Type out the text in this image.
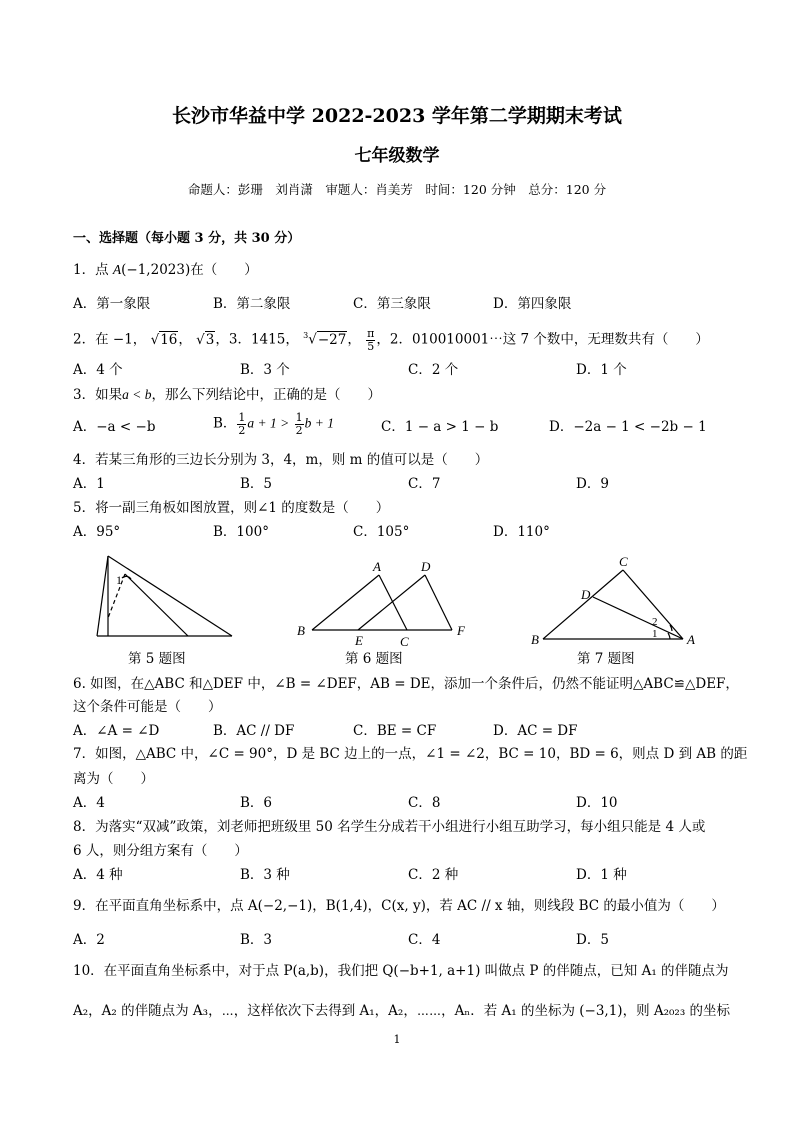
长沙市华益中学 2022-2023 学年第二学期期末考试
七年级数学
命题人：彭珊　刘肖潇　审题人：肖美芳　时间：120 分钟　总分：120 分
一、选择题（每小题 3 分，共 30 分）
1．点 A(−1,2023)在（　　）
A．第一象限	B．第二象限	C．第三象限	D．第四象限
2．在 −1， √16， √3，3．1415， $^3$√−27， $\frac{\pi}{5}$ ，2．010010001⋯这 7 个数中，无理数共有（　　）
A．4 个	B．3 个	C．2 个	D．1 个
3．如果a < b，那么下列结论中，正确的是（　　）
A．−a < −b	B． $\frac{1}{2}$ $a + 1 > \frac{1}{2}$ b + 1	C．1 − a > 1 − b	D．−2a − 1 < −2b − 1
4．若某三角形的三边长分别为 3，4，m，则 m 的值可以是（　　）
A．1	B．5	C．7	D．9
5．将一副三角板如图放置，则∠1 的度数是（　　）
A．95°	B．100°	C．105°	D．110°
1
第 5 题图
A	D
B
E	C
F
第 6 题图
C
D
B	A
1
2
第 7 题图
6. 如图，在△ABC 和△DEF 中，∠B = ∠DEF，AB = DE，添加一个条件后，仍然不能证明△ABC≌△DEF，
这个条件可能是（　　）
A．∠A = ∠D	B．AC // DF	C．BE = CF	D．AC = DF
7．如图，△ABC 中，∠C = 90°，D 是 BC 边上的一点，∠1 = ∠2，BC = 10，BD = 6，则点 D 到 AB 的距
离为（　　）
A．4	B．6	C．8	D．10
8．为落实“双减”政策，刘老师把班级里 50 名学生分成若干小组进行小组互助学习，每小组只能是 4 人或
6 人，则分组方案有（　　）
A．4 种	B．3 种	C．2 种	D．1 种
9．在平面直角坐标系中，点 A(−2,−1)，B(1,4)，C(x, y)，若 AC // x 轴，则线段 BC 的最小值为（　　）
A．2	B．3	C．4	D．5
10．在平面直角坐标系中，对于点 P(a,b)，我们把 Q(−b+1, a+1) 叫做点 P 的伴随点，已知 A₁ 的伴随点为
A₂，A₂ 的伴随点为 A₃，⋯，这样依次下去得到 A₁，A₂，⋯⋯，Aₙ．若 A₁ 的坐标为 (−3,1)，则 A₂₀₂₃ 的坐标
1
